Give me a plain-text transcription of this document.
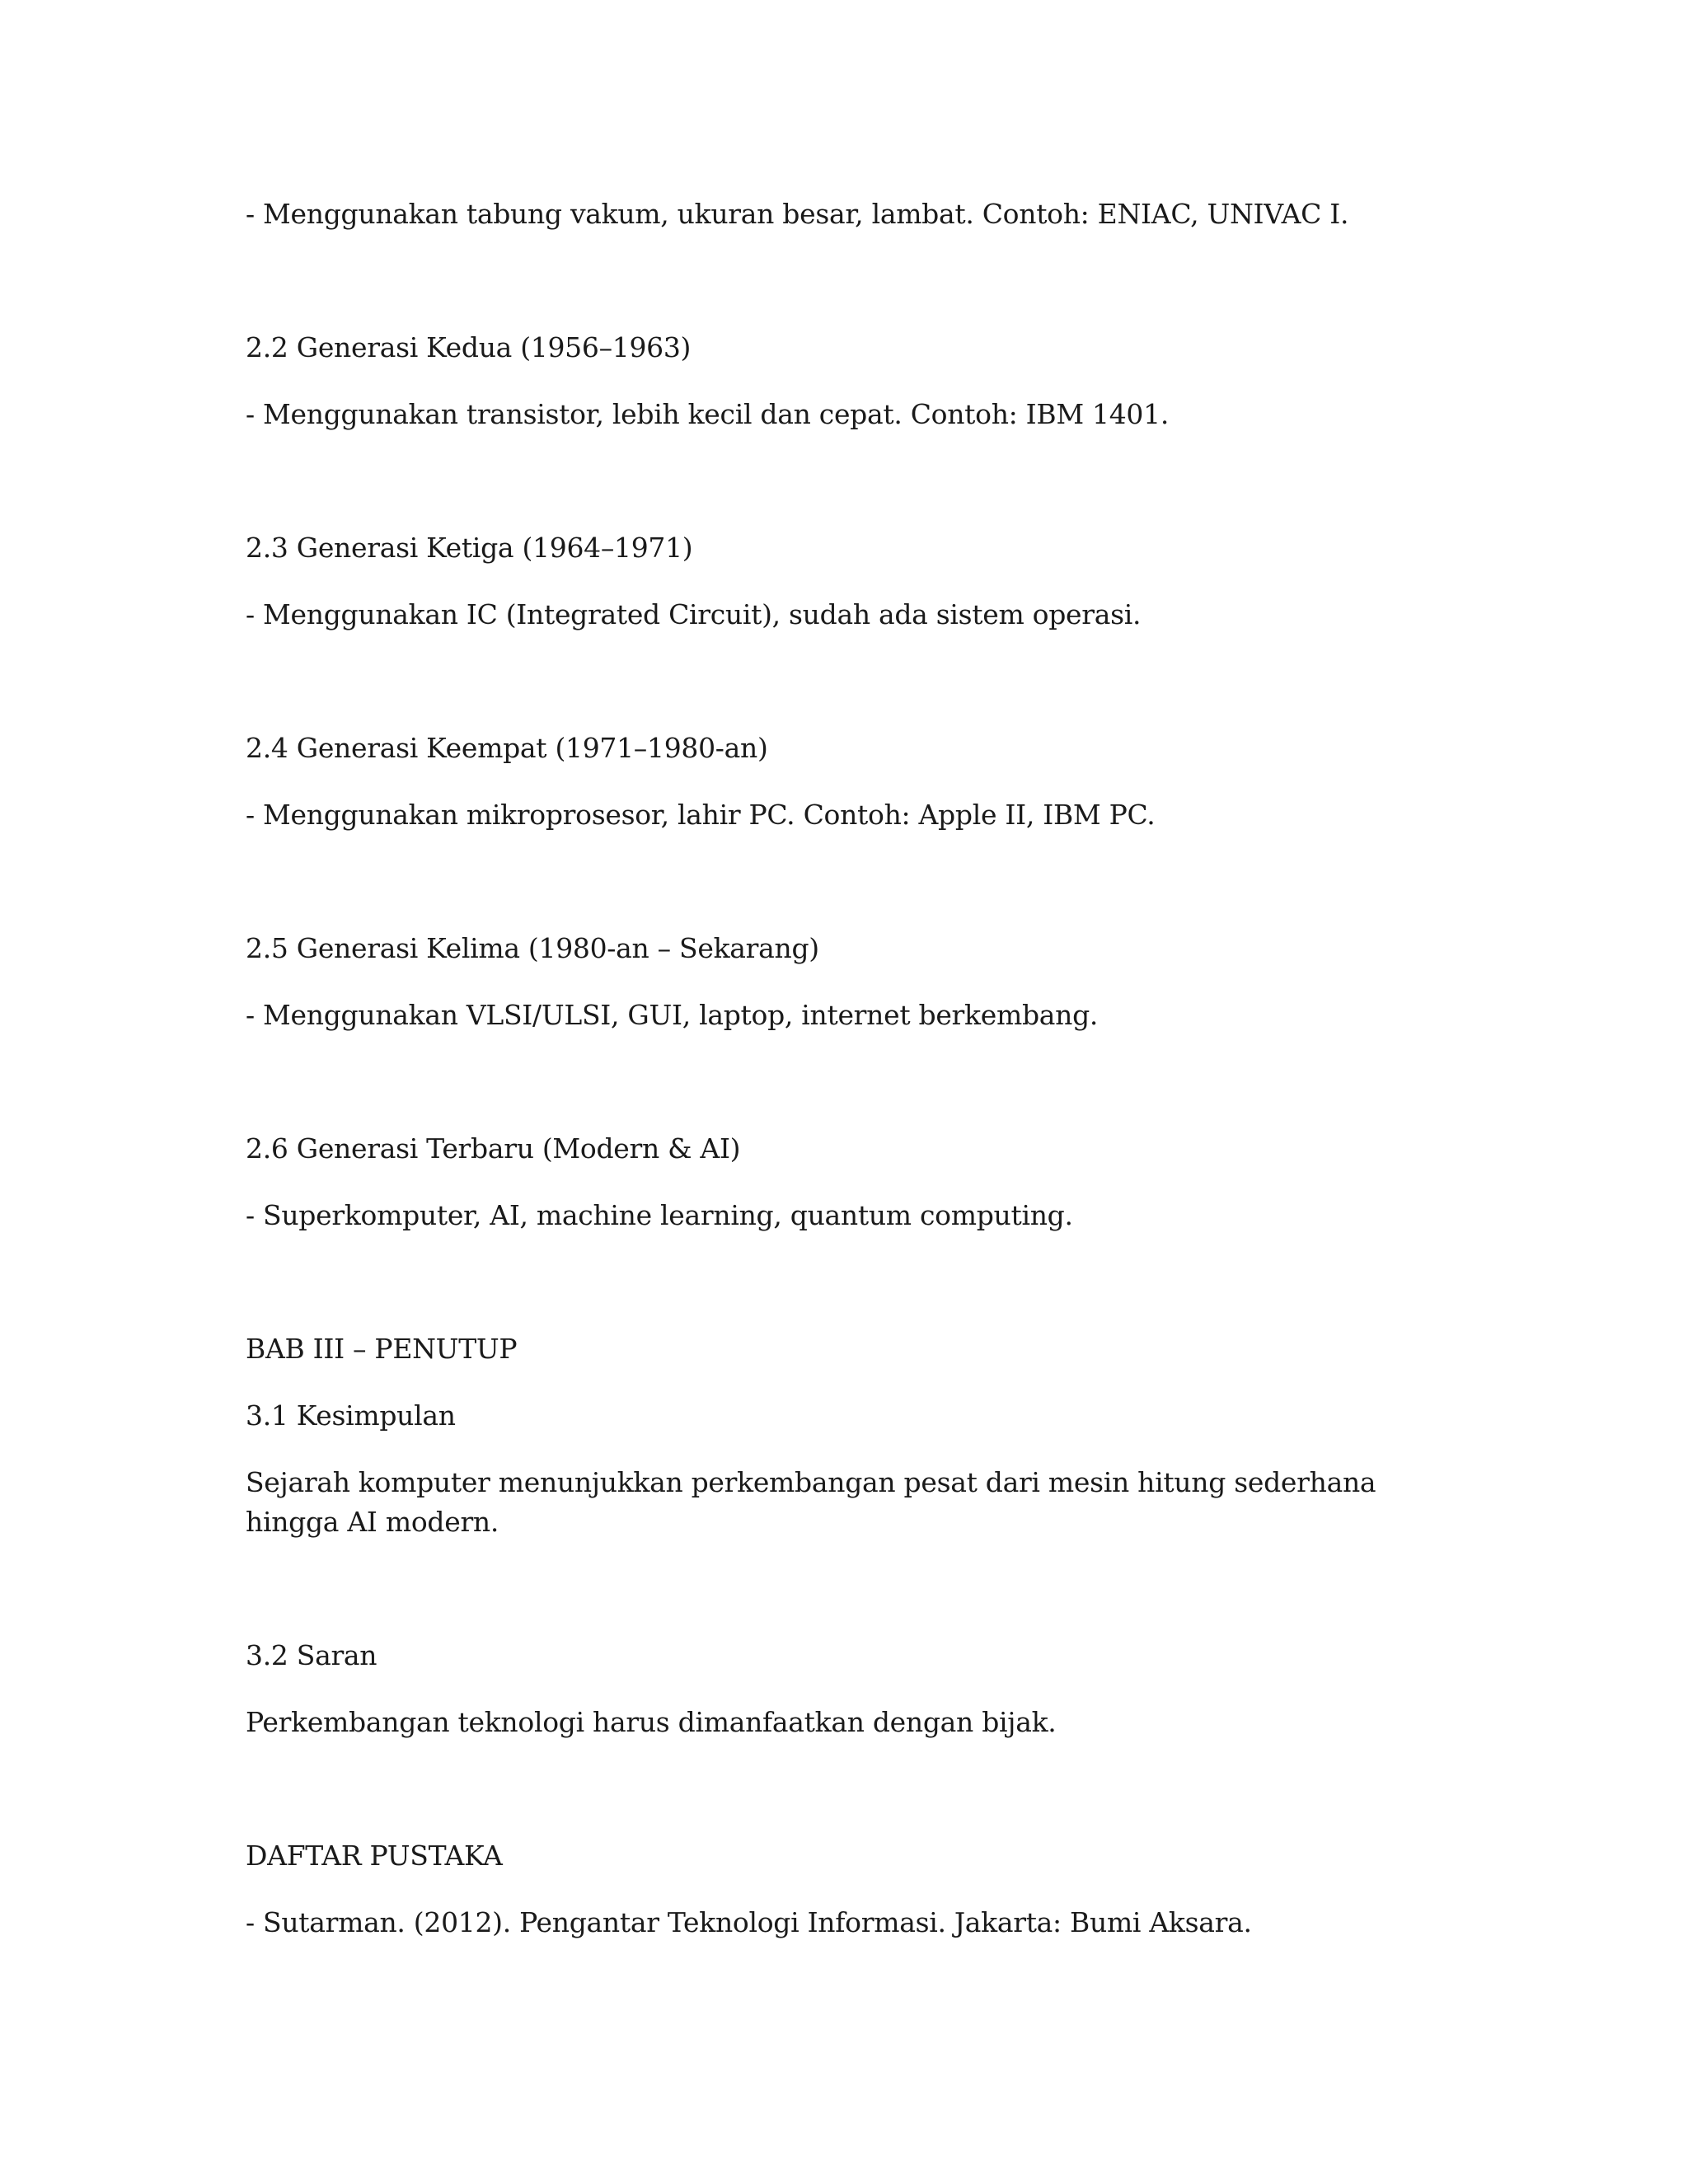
- Menggunakan tabung vakum, ukuran besar, lambat. Contoh: ENIAC, UNIVAC I.

2.2 Generasi Kedua (1956–1963)

- Menggunakan transistor, lebih kecil dan cepat. Contoh: IBM 1401.

2.3 Generasi Ketiga (1964–1971)

- Menggunakan IC (Integrated Circuit), sudah ada sistem operasi.

2.4 Generasi Keempat (1971–1980-an)

- Menggunakan mikroprosesor, lahir PC. Contoh: Apple II, IBM PC.

2.5 Generasi Kelima (1980-an – Sekarang)

- Menggunakan VLSI/ULSI, GUI, laptop, internet berkembang.

2.6 Generasi Terbaru (Modern & AI)

- Superkomputer, AI, machine learning, quantum computing.

BAB III – PENUTUP

3.1 Kesimpulan

Sejarah komputer menunjukkan perkembangan pesat dari mesin hitung sederhana hingga AI modern.

3.2 Saran

Perkembangan teknologi harus dimanfaatkan dengan bijak.

DAFTAR PUSTAKA

- Sutarman. (2012). Pengantar Teknologi Informasi. Jakarta: Bumi Aksara.
